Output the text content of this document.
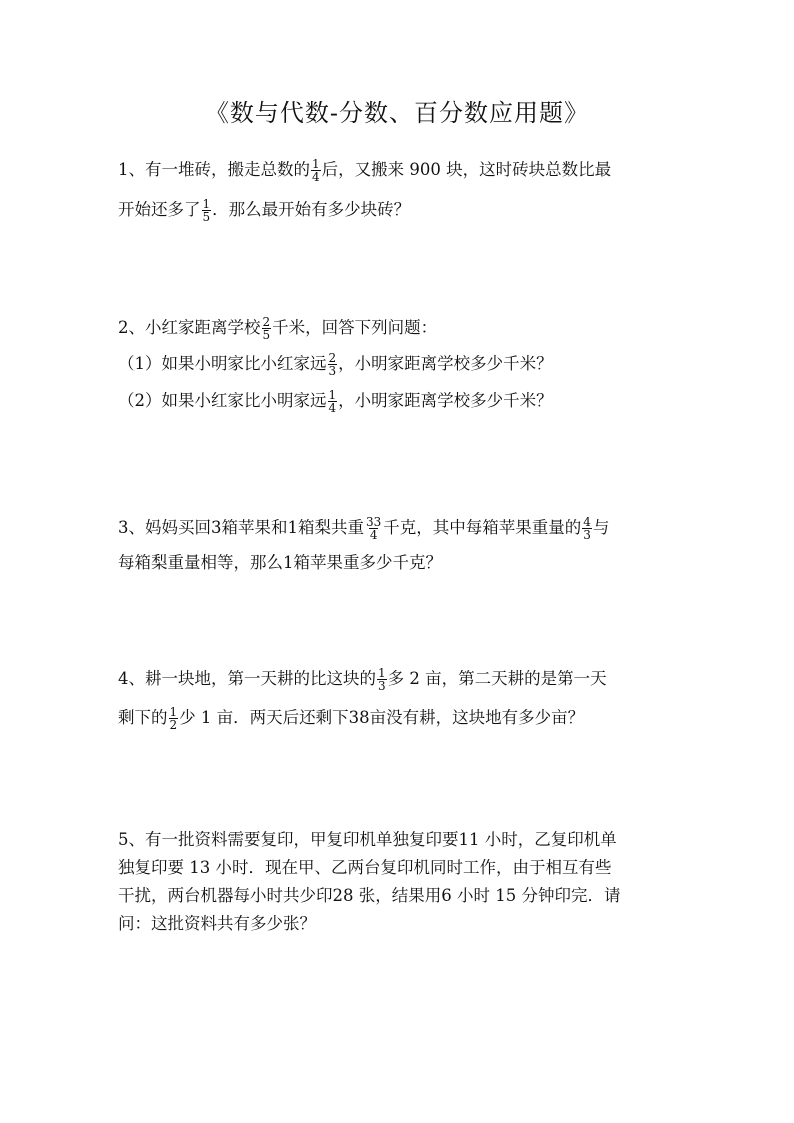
《数与代数-分数、百分数应用题》
1、有一堆砖，搬走总数的 $\frac{1}{4}$ 后，又搬来 900 块，这时砖块总数比最
开始还多了 $\frac{1}{5}$ ．那么最开始有多少块砖？
2、小红家距离学校 $\frac{2}{5}$ 千米，回答下列问题：
（1）如果小明家比小红家远 $\frac{2}{3}$ ，小明家距离学校多少千米？
（2）如果小红家比小明家远 $\frac{1}{4}$ ，小明家距离学校多少千米？
3、妈妈买回3箱苹果和1箱梨共重 $\frac{33}{4}$ 千克，其中每箱苹果重量的 $\frac{4}{3}$ 与
每箱梨重量相等，那么1箱苹果重多少千克？
4、耕一块地，第一天耕的比这块的 $\frac{1}{3}$ 多 2 亩，第二天耕的是第一天
剩下的 $\frac{1}{2}$ 少 1 亩．两天后还剩下38亩没有耕，这块地有多少亩？
5、有一批资料需要复印，甲复印机单独复印要11 小时，乙复印机单
独复印要 13 小时．现在甲、乙两台复印机同时工作，由于相互有些
干扰，两台机器每小时共少印28 张，结果用6 小时 15 分钟印完．请
问：这批资料共有多少张？
